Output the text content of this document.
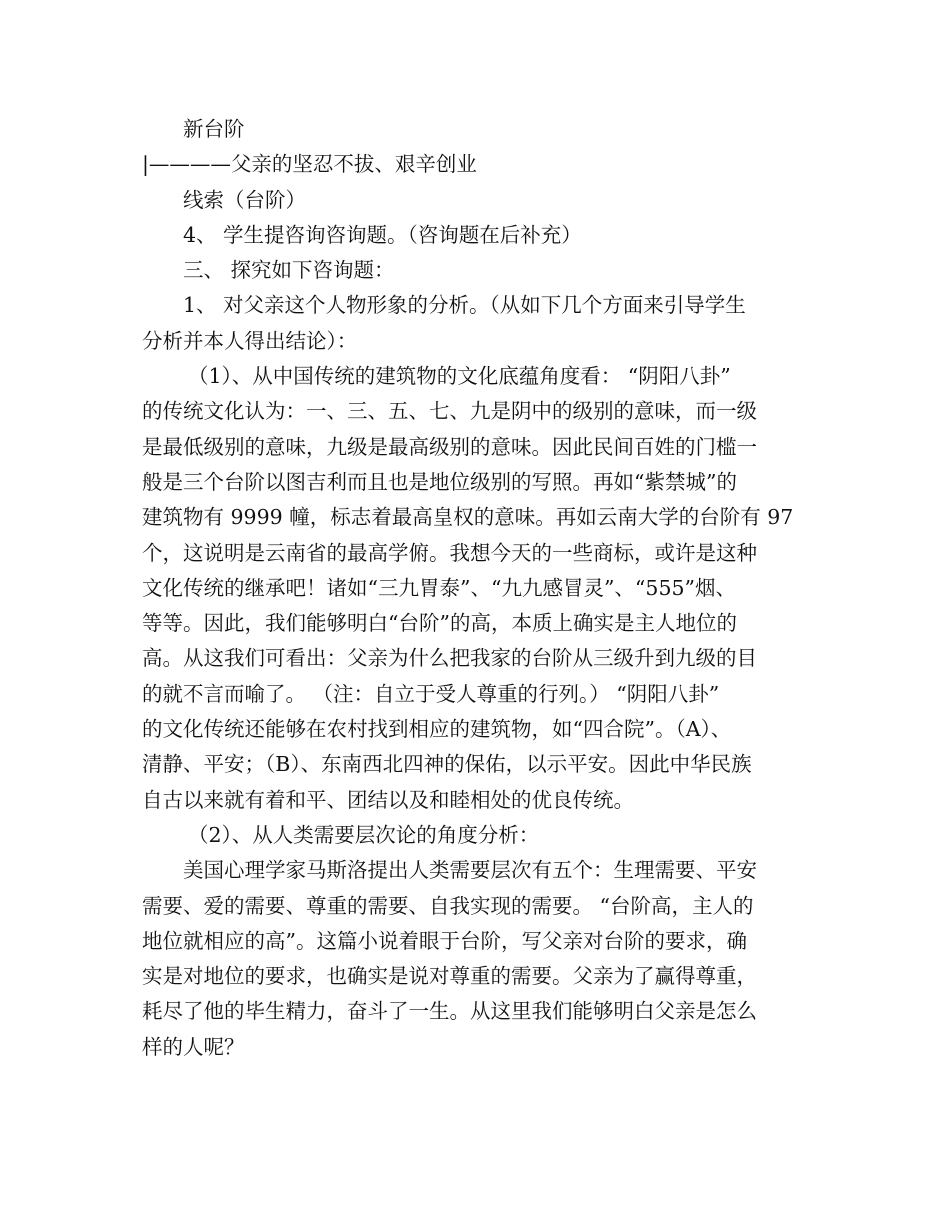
新台阶
|————父亲的坚忍不拔、艰辛创业
线索（台阶）
4、 学生提咨询咨询题。（咨询题在后补充）
三、 探究如下咨询题：
1、 对父亲这个人物形象的分析。（从如下几个方面来引导学生
分析并本人得出结论）：
（1）、从中国传统的建筑物的文化底蕴角度看： “阴阳八卦”
的传统文化认为：一、三、五、七、九是阴中的级别的意味，而一级
是最低级别的意味，九级是最高级别的意味。因此民间百姓的门槛一
般是三个台阶以图吉利而且也是地位级别的写照。再如“紫禁城”的
建筑物有 9999 幢，标志着最高皇权的意味。再如云南大学的台阶有 97
个，这说明是云南省的最高学俯。我想今天的一些商标，或许是这种
文化传统的继承吧！诸如“三九胃泰”、“九九感冒灵”、“555”烟、
等等。因此，我们能够明白“台阶”的高，本质上确实是主人地位的
高。从这我们可看出：父亲为什么把我家的台阶从三级升到九级的目
的就不言而喻了。 （注：自立于受人尊重的行列。） “阴阳八卦”
的文化传统还能够在农村找到相应的建筑物，如“四合院”。（A）、
清静、平安；（B）、东南西北四神的保佑，以示平安。因此中华民族
自古以来就有着和平、团结以及和睦相处的优良传统。
（2）、从人类需要层次论的角度分析：
美国心理学家马斯洛提出人类需要层次有五个：生理需要、平安
需要、爱的需要、尊重的需要、自我实现的需要。 “台阶高，主人的
地位就相应的高”。这篇小说着眼于台阶，写父亲对台阶的要求，确
实是对地位的要求，也确实是说对尊重的需要。父亲为了赢得尊重，
耗尽了他的毕生精力，奋斗了一生。从这里我们能够明白父亲是怎么
样的人呢？
